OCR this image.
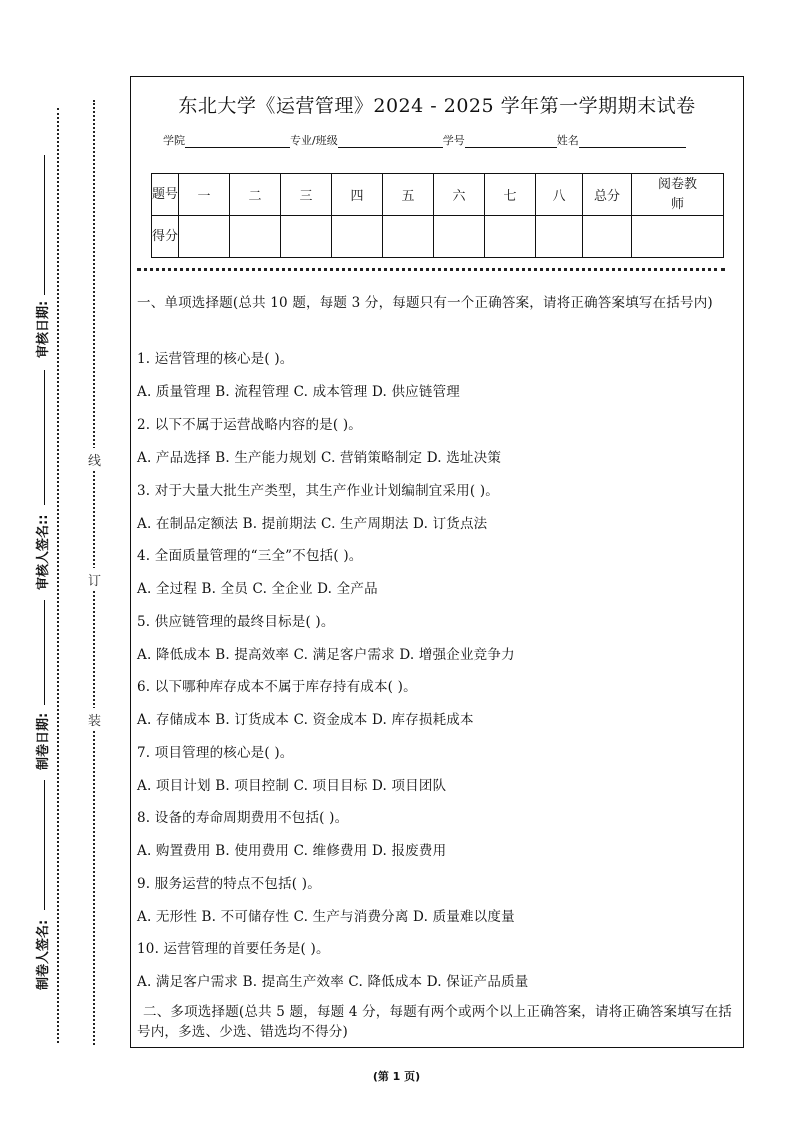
审核日期:
审核人签名::
制卷日期:
制卷人签名:
线
订
装
东北大学《运营管理》2024 - 2025 学年第一学期期末试卷
学院	专业/班级	学号	姓名
题号	一	二	三	四	五	六	七	八	总分	阅卷教师
得分										
一、单项选择题(总共 10 题，每题 3 分，每题只有一个正确答案，请将正确答案填写在括号内)
1. 运营管理的核心是( )。
A. 质量管理 B. 流程管理 C. 成本管理 D. 供应链管理
2. 以下不属于运营战略内容的是( )。
A. 产品选择 B. 生产能力规划 C. 营销策略制定 D. 选址决策
3. 对于大量大批生产类型，其生产作业计划编制宜采用( )。
A. 在制品定额法 B. 提前期法 C. 生产周期法 D. 订货点法
4. 全面质量管理的“三全”不包括( )。
A. 全过程 B. 全员 C. 全企业 D. 全产品
5. 供应链管理的最终目标是( )。
A. 降低成本 B. 提高效率 C. 满足客户需求 D. 增强企业竞争力
6. 以下哪种库存成本不属于库存持有成本( )。
A. 存储成本 B. 订货成本 C. 资金成本 D. 库存损耗成本
7. 项目管理的核心是( )。
A. 项目计划 B. 项目控制 C. 项目目标 D. 项目团队
8. 设备的寿命周期费用不包括( )。
A. 购置费用 B. 使用费用 C. 维修费用 D. 报废费用
9. 服务运营的特点不包括( )。
A. 无形性 B. 不可储存性 C. 生产与消费分离 D. 质量难以度量
10. 运营管理的首要任务是( )。
A. 满足客户需求 B. 提高生产效率 C. 降低成本 D. 保证产品质量
二、多项选择题(总共 5 题，每题 4 分，每题有两个或两个以上正确答案，请将正确答案填写在括号内，多选、少选、错选均不得分)
(第 1 页)
